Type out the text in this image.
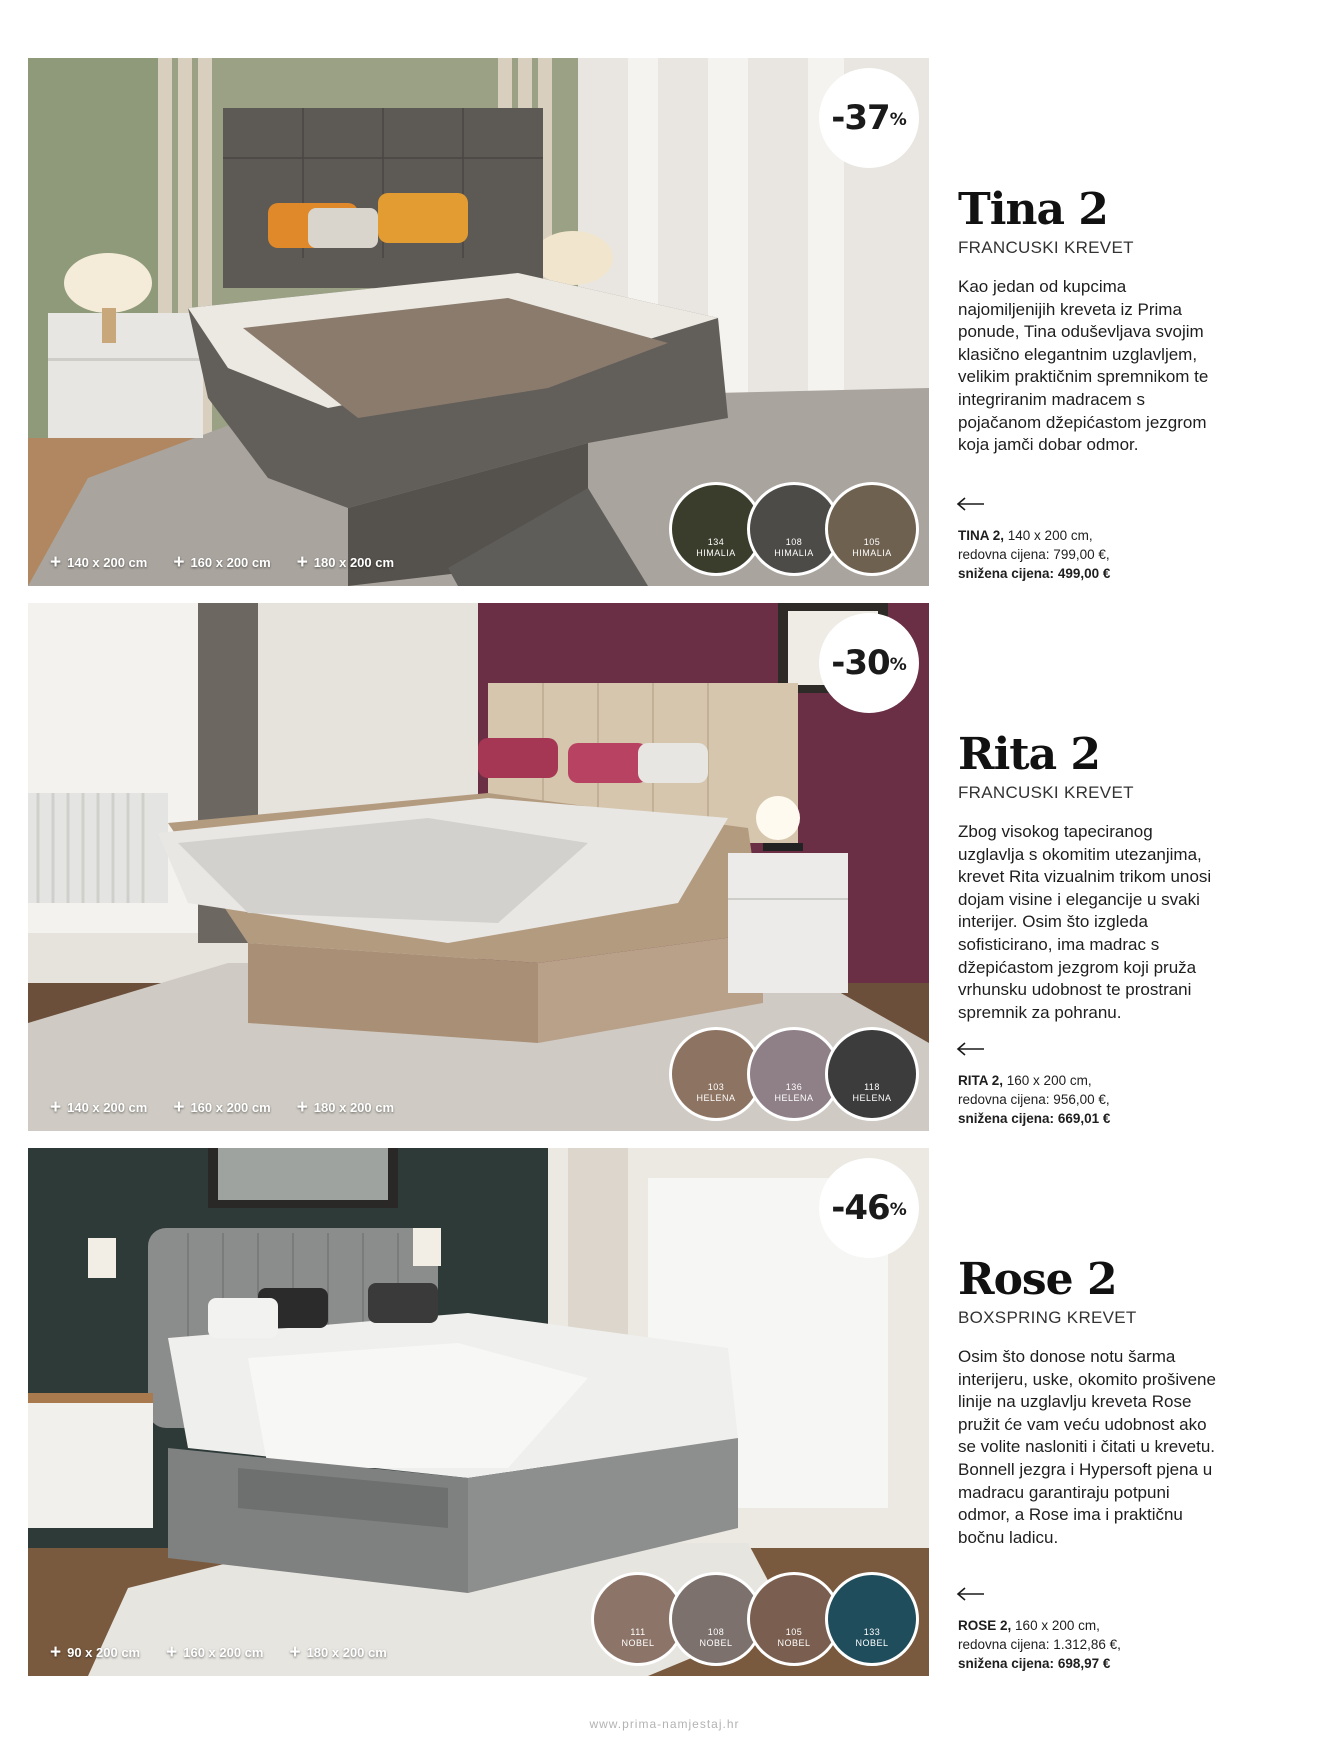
-37 %
+ 140 x 200 cm + 160 x 200 cm + 180 x 200 cm
134
HIMALIA
108
HIMALIA
105
HIMALIA
Tina 2
FRANCUSKI KREVET

Kao jedan od kupcima najomiljenijih kreveta iz Prima ponude, Tina oduševljava svojim klasično elegantnim uzglavljem, velikim praktičnim spremnikom te integriranim madracem s pojačanom džepićastom jezgrom koja jamči dobar odmor.

TINA 2, 140 x 200 cm,
redovna cijena: 799,00 €,
snižena cijena: 499,00 €
-30 %
+ 140 x 200 cm + 160 x 200 cm + 180 x 200 cm
103
HELENA
136
HELENA
118
HELENA
Rita 2
FRANCUSKI KREVET

Zbog visokog tapeciranog uzglavlja s okomitim utezanjima, krevet Rita vizualnim trikom unosi dojam visine i elegancije u svaki interijer. Osim što izgleda sofisticirano, ima madrac s džepićastom jezgrom koji pruža vrhunsku udobnost te prostrani spremnik za pohranu.

RITA 2, 160 x 200 cm,
redovna cijena: 956,00 €,
snižena cijena: 669,01 €
-46 %
+ 90 x 200 cm + 160 x 200 cm + 180 x 200 cm
111
NOBEL
108
NOBEL
105
NOBEL
133
NOBEL
Rose 2
BOXSPRING KREVET

Osim što donose notu šarma interijeru, uske, okomito prošivene linije na uzglavlju kreveta Rose pružit će vam veću udobnost ako se volite nasloniti i čitati u krevetu. Bonnell jezgra i Hypersoft pjena u madracu garantiraju potpuni odmor, a Rose ima i praktičnu bočnu ladicu.

ROSE 2, 160 x 200 cm,
redovna cijena: 1.312,86 €,
snižena cijena: 698,97 €
www.prima-namjestaj.hr
